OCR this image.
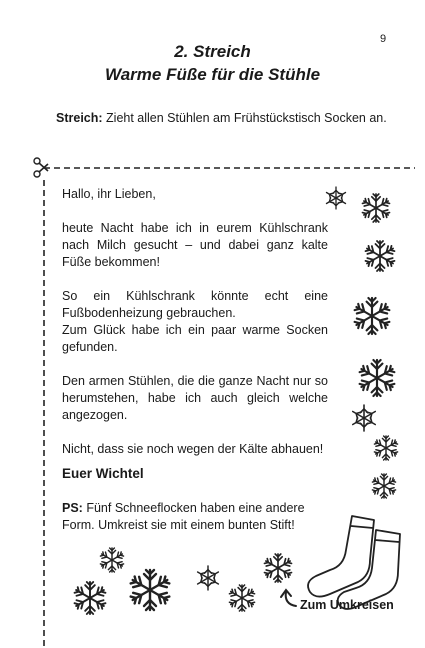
9
2. Streich
Warme Füße für die Stühle
Streich: Zieht allen Stühlen am Frühstückstisch Socken an.

Hallo, ihr Lieben,

heute Nacht habe ich in eurem Kühlschrank nach Milch gesucht – und dabei ganz kalte Füße bekommen!

So ein Kühlschrank könnte echt eine Fußbodenheizung gebrauchen.

Zum Glück habe ich ein paar warme Socken gefunden.

Den armen Stühlen, die die ganze Nacht nur so herumstehen, habe ich auch gleich welche angezogen.

Nicht, dass sie noch wegen der Kälte abhauen!

Euer Wichtel
PS: Fünf Schneeflocken haben eine andere Form. Umkreist sie mit einem bunten Stift!
Zum Umkreisen
